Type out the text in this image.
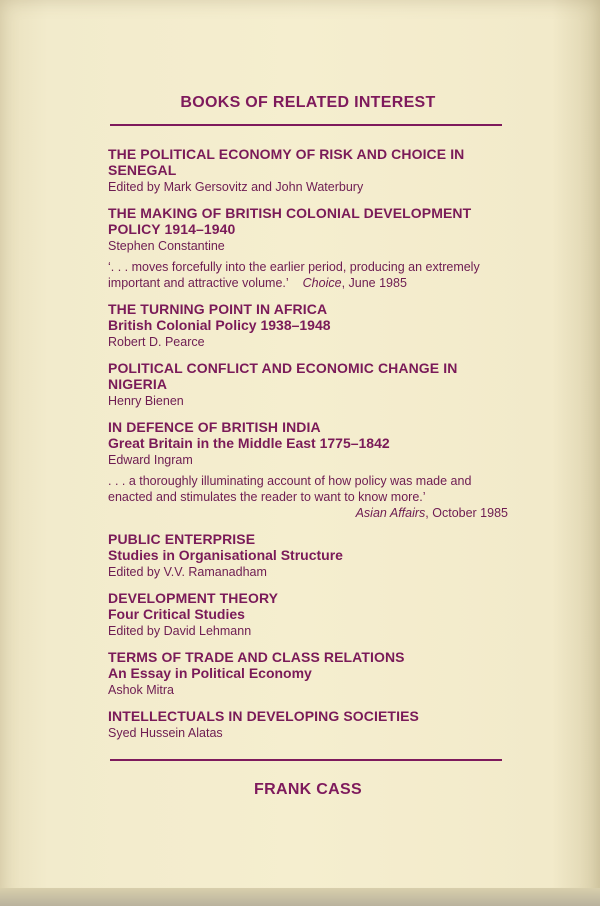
BOOKS OF RELATED INTEREST
THE POLITICAL ECONOMY OF RISK AND CHOICE IN SENEGAL
Edited by Mark Gersovitz and John Waterbury
THE MAKING OF BRITISH COLONIAL DEVELOPMENT POLICY 1914–1940
Stephen Constantine
‘. . . moves forcefully into the earlier period, producing an extremely important and attractive volume.’ Choice, June 1985
THE TURNING POINT IN AFRICA
British Colonial Policy 1938–1948
Robert D. Pearce
POLITICAL CONFLICT AND ECONOMIC CHANGE IN NIGERIA
Henry Bienen
IN DEFENCE OF BRITISH INDIA
Great Britain in the Middle East 1775–1842
Edward Ingram
. . . a thoroughly illuminating account of how policy was made and enacted and stimulates the reader to want to know more.’
Asian Affairs, October 1985
PUBLIC ENTERPRISE
Studies in Organisational Structure
Edited by V.V. Ramanadham
DEVELOPMENT THEORY
Four Critical Studies
Edited by David Lehmann
TERMS OF TRADE AND CLASS RELATIONS
An Essay in Political Economy
Ashok Mitra
INTELLECTUALS IN DEVELOPING SOCIETIES
Syed Hussein Alatas
FRANK CASS
